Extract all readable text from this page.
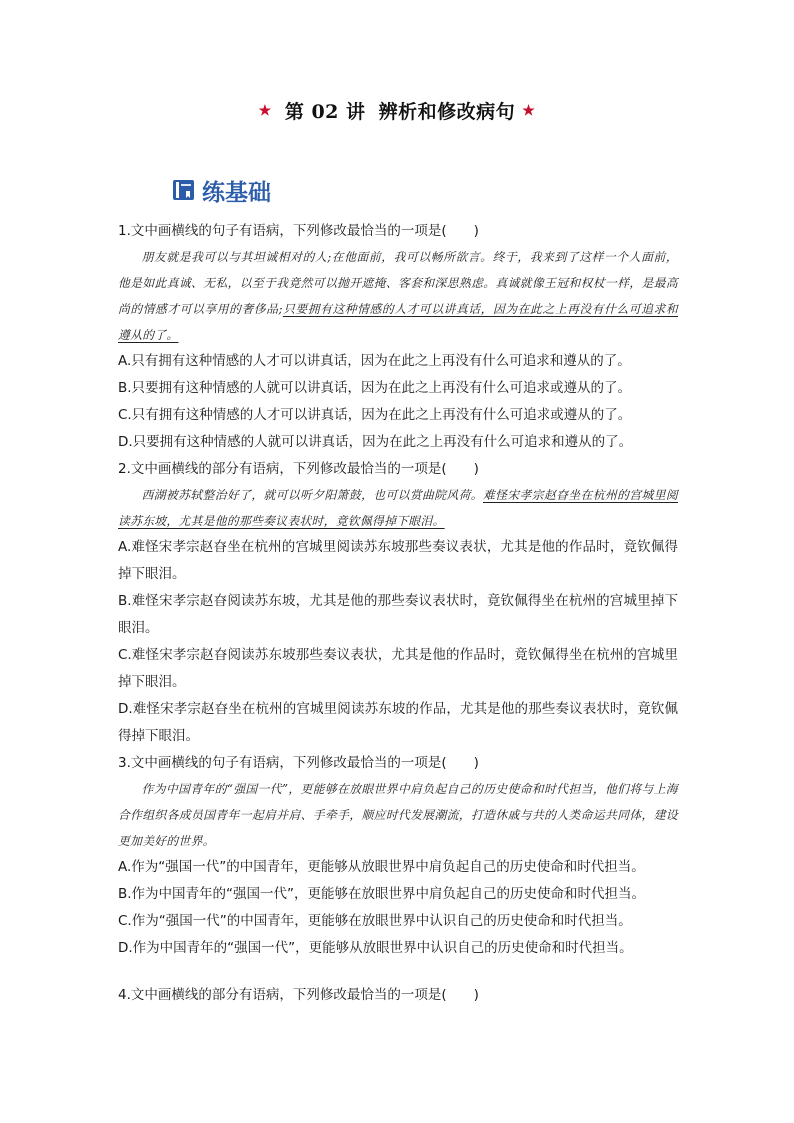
★ 第 02 讲 辨析和修改病句 ★
练基础

1.文中画横线的句子有语病，下列修改最恰当的一项是(　　)

朋友就是我可以与其坦诚相对的人;在他面前，我可以畅所欲言。终于，我来到了这样一个人面前，他是如此真诚、无私，以至于我竟然可以抛开遮掩、客套和深思熟虑。真诚就像王冠和权杖一样，是最高尚的情感才可以享用的奢侈品;只要拥有这种情感的人才可以讲真话，因为在此之上再没有什么可追求和遵从的了。

A.只有拥有这种情感的人才可以讲真话，因为在此之上再没有什么可追求和遵从的了。

B.只要拥有这种情感的人就可以讲真话，因为在此之上再没有什么可追求或遵从的了。

C.只有拥有这种情感的人才可以讲真话，因为在此之上再没有什么可追求或遵从的了。

D.只要拥有这种情感的人就可以讲真话，因为在此之上再没有什么可追求和遵从的了。

2.文中画横线的部分有语病，下列修改最恰当的一项是(　　)

西湖被苏轼整治好了，就可以听夕阳箫鼓，也可以赏曲院风荷。难怪宋孝宗赵昚坐在杭州的宫城里阅读苏东坡，尤其是他的那些奏议表状时，竟钦佩得掉下眼泪。

A.难怪宋孝宗赵昚坐在杭州的宫城里阅读苏东坡那些奏议表状，尤其是他的作品时，竟钦佩得掉下眼泪。

B.难怪宋孝宗赵昚阅读苏东坡，尤其是他的那些奏议表状时，竟钦佩得坐在杭州的宫城里掉下眼泪。

C.难怪宋孝宗赵昚阅读苏东坡那些奏议表状，尤其是他的作品时，竟钦佩得坐在杭州的宫城里掉下眼泪。

D.难怪宋孝宗赵昚坐在杭州的宫城里阅读苏东坡的作品，尤其是他的那些奏议表状时，竟钦佩得掉下眼泪。

3.文中画横线的句子有语病，下列修改最恰当的一项是(　　)

作为中国青年的“强国一代”，更能够在放眼世界中肩负起自己的历史使命和时代担当，他们将与上海合作组织各成员国青年一起肩并肩、手牵手，顺应时代发展潮流，打造休戚与共的人类命运共同体，建设更加美好的世界。

A.作为“强国一代”的中国青年，更能够从放眼世界中肩负起自己的历史使命和时代担当。

B.作为中国青年的“强国一代”，更能够在放眼世界中肩负起自己的历史使命和时代担当。

C.作为“强国一代”的中国青年，更能够在放眼世界中认识自己的历史使命和时代担当。

D.作为中国青年的“强国一代”，更能够从放眼世界中认识自己的历史使命和时代担当。

4.文中画横线的部分有语病，下列修改最恰当的一项是(　　)
